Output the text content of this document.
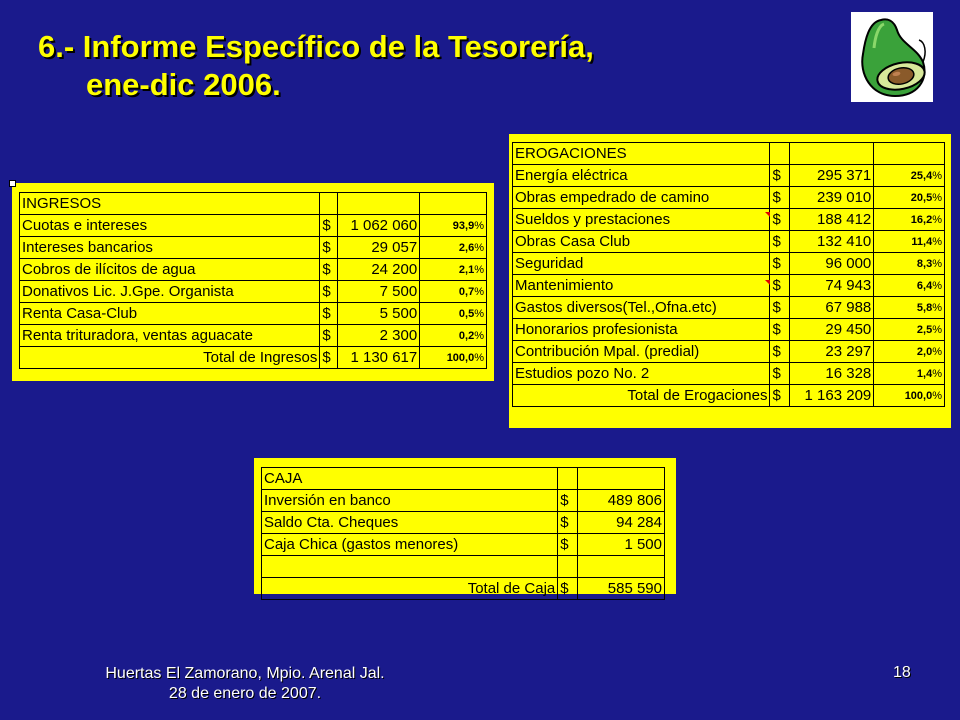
6.- Informe Específico de la Tesorería,
ene-dic 2006.
INGRESOS			
Cuotas e intereses	$	1 062 060	93,9%
Intereses bancarios	$	29 057	2,6%
Cobros de ilícitos de agua	$	24 200	2,1%
Donativos Lic. J.Gpe. Organista	$	7 500	0,7%
Renta Casa-Club	$	5 500	0,5%
Renta trituradora, ventas aguacate	$	2 300	0,2%
Total de Ingresos	$	1 130 617	100,0%
EROGACIONES			
Energía eléctrica	$	295 371	25,4%
Obras empedrado de camino	$	239 010	20,5%
Sueldos y prestaciones	$	188 412	16,2%
Obras Casa Club	$	132 410	11,4%
Seguridad	$	96 000	8,3%
Mantenimiento	$	74 943	6,4%
Gastos diversos(Tel.,Ofna.etc)	$	67 988	5,8%
Honorarios profesionista	$	29 450	2,5%
Contribución Mpal. (predial)	$	23 297	2,0%
Estudios pozo No. 2	$	16 328	1,4%
Total de Erogaciones	$	1 163 209	100,0%
CAJA		
Inversión en banco	$	489 806
Saldo Cta. Cheques	$	94 284
Caja Chica (gastos menores)	$	1 500

Total de Caja	$	585 590
Huertas El Zamorano, Mpio. Arenal Jal.
28 de enero de 2007.
18
